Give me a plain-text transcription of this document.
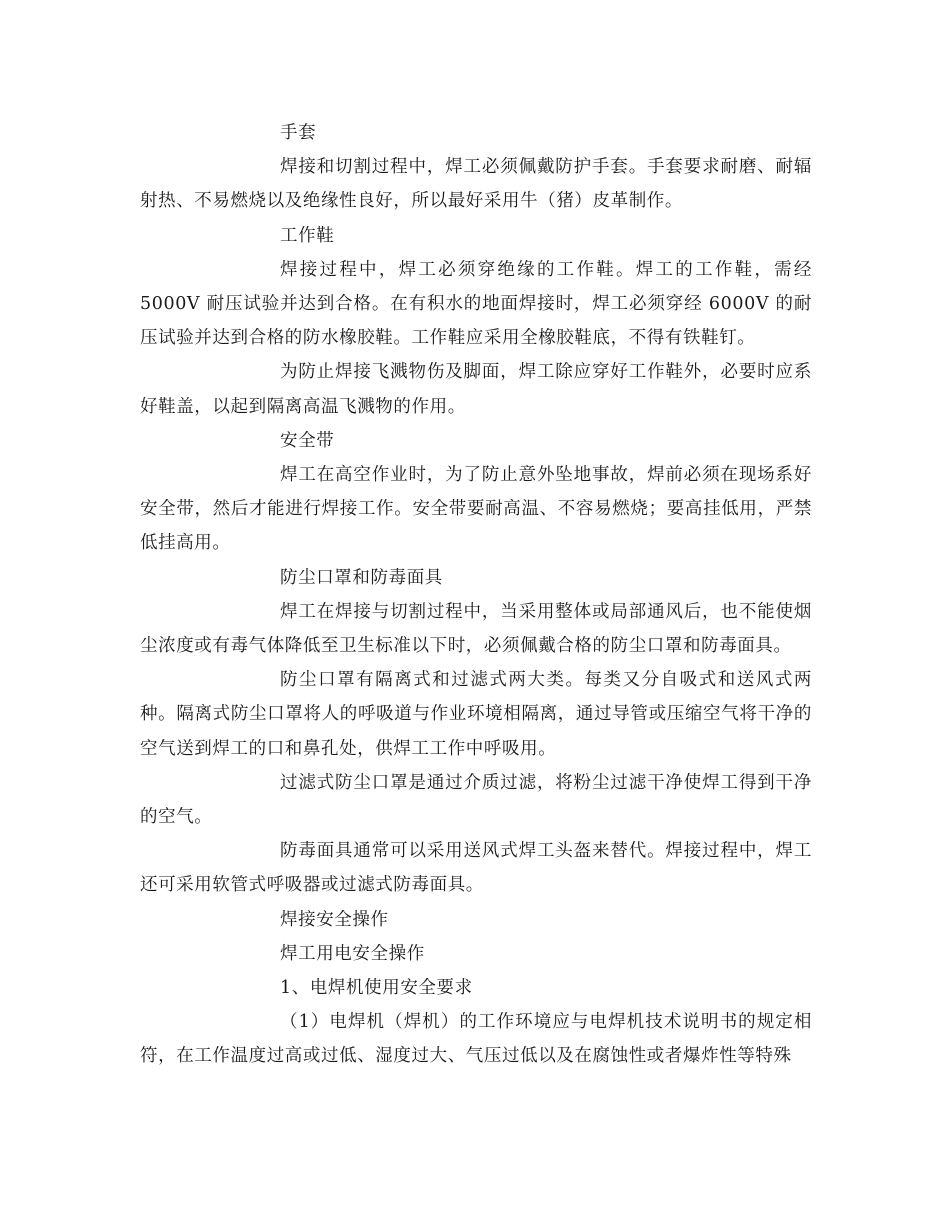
手套

焊接和切割过程中，焊工必须佩戴防护手套。手套要求耐磨、耐辐射热、不易燃烧以及绝缘性良好，所以最好采用牛（猪）皮革制作。

工作鞋

焊接过程中，焊工必须穿绝缘的工作鞋。焊工的工作鞋，需经5000V 耐压试验并达到合格。在有积水的地面焊接时，焊工必须穿经 6000V 的耐压试验并达到合格的防水橡胶鞋。工作鞋应采用全橡胶鞋底，不得有铁鞋钉。

为防止焊接飞溅物伤及脚面，焊工除应穿好工作鞋外，必要时应系好鞋盖，以起到隔离高温飞溅物的作用。

安全带

焊工在高空作业时，为了防止意外坠地事故，焊前必须在现场系好安全带，然后才能进行焊接工作。安全带要耐高温、不容易燃烧；要高挂低用，严禁低挂高用。

防尘口罩和防毒面具

焊工在焊接与切割过程中，当采用整体或局部通风后，也不能使烟尘浓度或有毒气体降低至卫生标准以下时，必须佩戴合格的防尘口罩和防毒面具。

防尘口罩有隔离式和过滤式两大类。每类又分自吸式和送风式两种。隔离式防尘口罩将人的呼吸道与作业环境相隔离，通过导管或压缩空气将干净的空气送到焊工的口和鼻孔处，供焊工工作中呼吸用。

过滤式防尘口罩是通过介质过滤，将粉尘过滤干净使焊工得到干净的空气。

防毒面具通常可以采用送风式焊工头盔来替代。焊接过程中，焊工还可采用软管式呼吸器或过滤式防毒面具。

焊接安全操作

焊工用电安全操作

1、电焊机使用安全要求

（1）电焊机（焊机）的工作环境应与电焊机技术说明书的规定相符，在工作温度过高或过低、湿度过大、气压过低以及在腐蚀性或者爆炸性等特殊
